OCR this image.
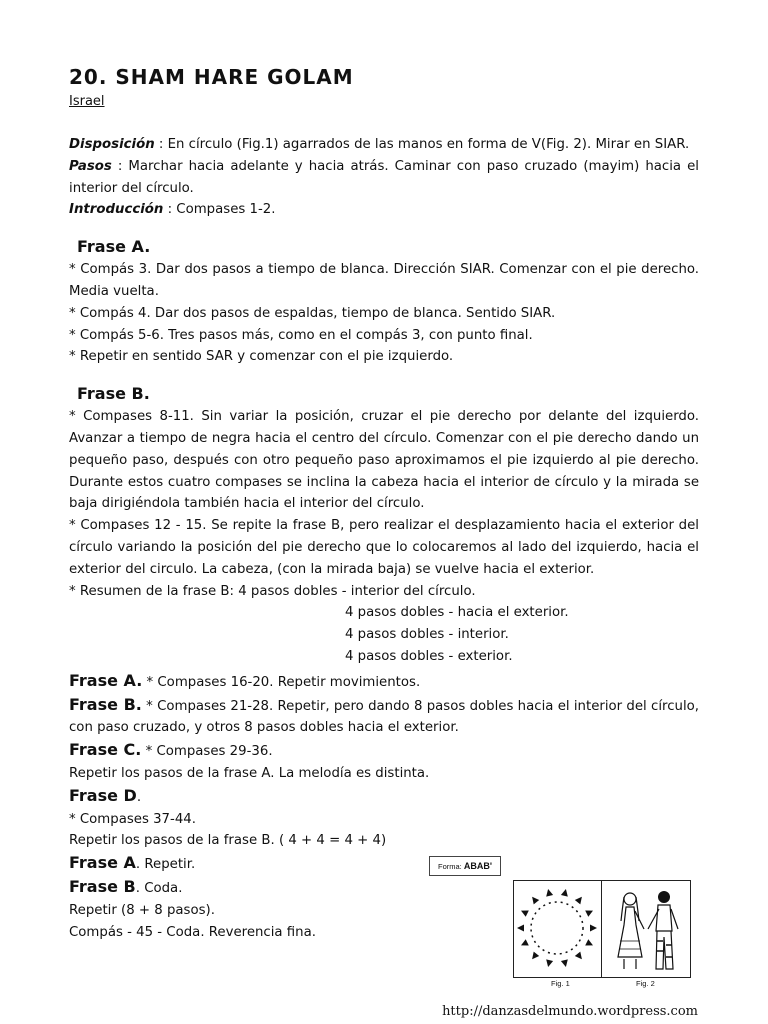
20. SHAM HARE GOLAM
Israel

Disposición : En círculo (Fig.1) agarrados de las manos en forma de V(Fig. 2). Mirar en SIAR.

Pasos : Marchar hacia adelante y hacia atrás. Caminar con paso cruzado (mayim) hacia el interior del círculo.

Introducción : Compases 1-2.

Frase A.

* Compás 3. Dar dos pasos a tiempo de blanca. Dirección SIAR. Comenzar con el pie derecho. Media vuelta.

* Compás 4. Dar dos pasos de espaldas, tiempo de blanca. Sentido SIAR.

* Compás 5-6. Tres pasos más, como en el compás 3, con punto final.

* Repetir en sentido SAR y comenzar con el pie izquierdo.

Frase B.

* Compases 8-11. Sin variar la posición, cruzar el pie derecho por delante del izquierdo. Avanzar a tiempo de negra hacia el centro del círculo. Comenzar con el pie derecho dando un pequeño paso, después con otro pequeño paso aproximamos el pie izquierdo al pie derecho. Durante estos cuatro compases se inclina la cabeza hacia el interior de círculo y la mirada se baja dirigiéndola también hacia el interior del círculo.

* Compases 12 - 15. Se repite la frase B, pero realizar el desplazamiento hacia el exterior del círculo variando la posición del pie derecho que lo colocaremos al lado del izquierdo, hacia el exterior del circulo. La cabeza, (con la mirada baja) se vuelve hacia el exterior.

* Resumen de la frase B: 4 pasos dobles - interior del círculo.

4 pasos dobles - hacia el exterior.

4 pasos dobles - interior.

4 pasos dobles - exterior.

Frase A. * Compases 16-20. Repetir movimientos.

Frase B. * Compases 21-28. Repetir, pero dando 8 pasos dobles hacia el interior del círculo, con paso cruzado, y otros 8 pasos dobles hacia el exterior.

Frase C. * Compases 29-36.

Repetir los pasos de la frase A. La melodía es distinta.

Frase D.

* Compases 37-44.

Repetir los pasos de la frase B. ( 4 + 4 = 4 + 4)

Frase A. Repetir.

Frase B. Coda.

Repetir (8 + 8 pasos).

Compás - 45 - Coda. Reverencia fina.

Forma: ABAB'
Fig. 1	Fig. 2
http://danzasdelmundo.wordpress.com
